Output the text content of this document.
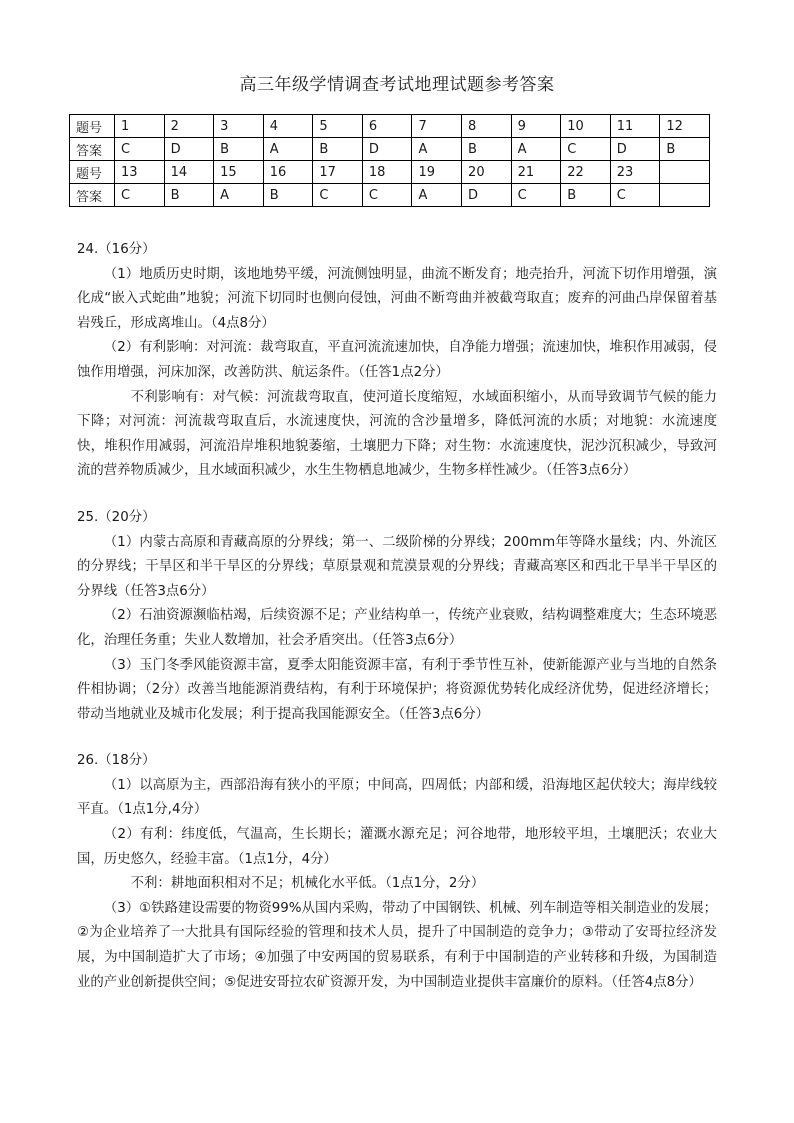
高三年级学情调查考试地理试题参考答案
题号	1	2	3	4	5	6	7	8	9	10	11	12
答案	C	D	B	A	B	D	A	B	A	C	D	B
题号	13	14	15	16	17	18	19	20	21	22	23	
答案	C	B	A	B	C	C	A	D	C	B	C	

24.（16分）

（1）地质历史时期，该地地势平缓，河流侧蚀明显，曲流不断发育；地壳抬升，河流下切作用增强，演化成“嵌入式蛇曲”地貌；河流下切同时也侧向侵蚀，河曲不断弯曲并被截弯取直；废弃的河曲凸岸保留着基岩残丘，形成离堆山。（4点8分）

（2）有利影响：对河流：裁弯取直，平直河流流速加快，自净能力增强；流速加快，堆积作用减弱，侵蚀作用增强，河床加深，改善防洪、航运条件。（任答1点2分）

不利影响有：对气候：河流裁弯取直，使河道长度缩短，水域面积缩小，从而导致调节气候的能力下降；对河流：河流裁弯取直后，水流速度快，河流的含沙量增多，降低河流的水质；对地貌：水流速度快，堆积作用减弱，河流沿岸堆积地貌萎缩，土壤肥力下降；对生物：水流速度快，泥沙沉积减少，导致河流的营养物质减少，且水域面积减少，水生生物栖息地减少，生物多样性减少。（任答3点6分）

25.（20分）

（1）内蒙古高原和青藏高原的分界线；第一、二级阶梯的分界线；200mm年等降水量线；内、外流区的分界线；干旱区和半干旱区的分界线；草原景观和荒漠景观的分界线；青藏高寒区和西北干旱半干旱区的分界线（任答3点6分）

（2）石油资源濒临枯竭，后续资源不足；产业结构单一，传统产业衰败，结构调整难度大；生态环境恶化，治理任务重；失业人数增加，社会矛盾突出。（任答3点6分）

（3）玉门冬季风能资源丰富，夏季太阳能资源丰富，有利于季节性互补，使新能源产业与当地的自然条件相协调；（2分）改善当地能源消费结构，有利于环境保护；将资源优势转化成经济优势，促进经济增长；带动当地就业及城市化发展；利于提高我国能源安全。（任答3点6分）

26.（18分）

（1）以高原为主，西部沿海有狭小的平原；中间高，四周低；内部和缓，沿海地区起伏较大；海岸线较平直。（1点1分,4分）

（2）有利：纬度低，气温高，生长期长；灌溉水源充足；河谷地带，地形较平坦，土壤肥沃；农业大国，历史悠久，经验丰富。（1点1分，4分）

不利：耕地面积相对不足；机械化水平低。（1点1分，2分）

（3）①铁路建设需要的物资99%从国内采购，带动了中国钢铁、机械、列车制造等相关制造业的发展；②为企业培养了一大批具有国际经验的管理和技术人员，提升了中国制造的竞争力；③带动了安哥拉经济发展，为中国制造扩大了市场；④加强了中安两国的贸易联系，有利于中国制造的产业转移和升级，为国制造业的产业创新提供空间；⑤促进安哥拉农矿资源开发，为中国制造业提供丰富廉价的原料。（任答4点8分）
